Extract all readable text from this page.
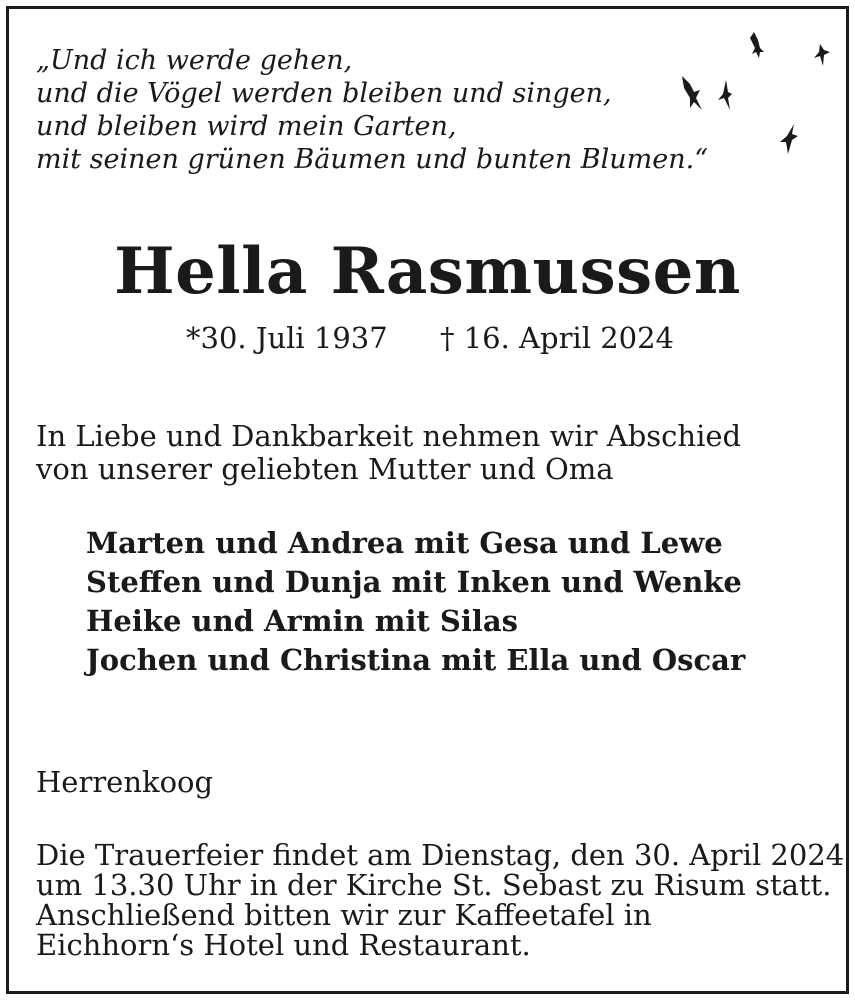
„Und ich werde gehen,
und die Vögel werden bleiben und singen,
und bleiben wird mein Garten,
mit seinen grünen Bäumen und bunten Blumen.“
Hella Rasmussen
*30. Juli 1937 † 16. April 2024
In Liebe und Dankbarkeit nehmen wir Abschied
von unserer geliebten Mutter und Oma
Marten und Andrea mit Gesa und Lewe
Steffen und Dunja mit Inken und Wenke
Heike und Armin mit Silas
Jochen und Christina mit Ella und Oscar
Herrenkoog
Die Trauerfeier findet am Dienstag, den 30. April 2024
um 13.30 Uhr in der Kirche St. Sebast zu Risum statt.
Anschließend bitten wir zur Kaffeetafel in
Eichhorn‘s Hotel und Restaurant.
